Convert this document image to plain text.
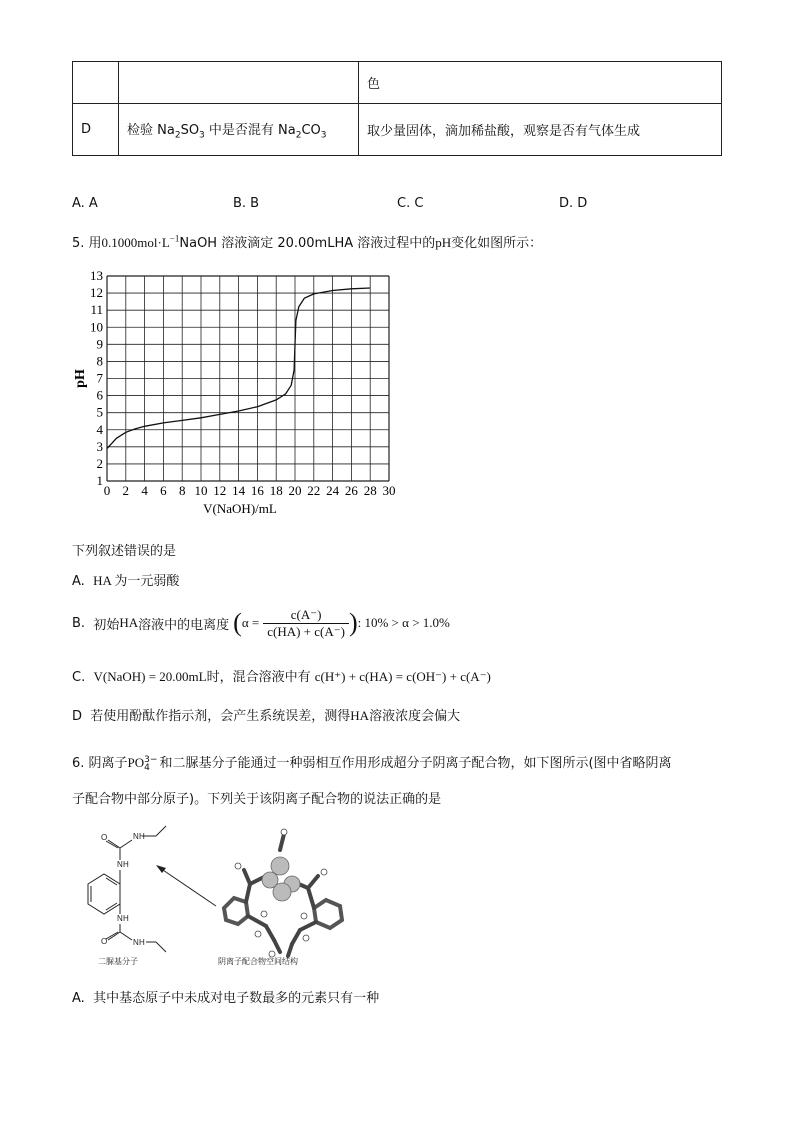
		色
D	检验 $Na_2SO_3$ 中是否混有 $Na_2CO_3$	取少量固体，滴加稀盐酸，观察是否有气体生成
A. A	B. B	C. C	D. D
5. 用$0.1000mol\cdot L^{-1}NaOH$ 溶液滴定 20.00mLHA 溶液过程中的pH变化如图所示：
0 2 4 6 8 10 12 14 16 18 20 22 24 26 28 30
1
2
3
4
5
6
7
8
9
10
11
12
13
pH
V(NaOH)/mL
下列叙述错误的是
A. HA 为一元弱酸
B.
初始 HA 溶液中的电离度 ( $\alpha = \frac{c(A^-)}{c(HA) + c(A^-)}$ ) : 10% > α > 1.0%
C. V(NaOH) = 20.00mL时，混合溶液中有 c(H⁺) + c(HA) = c(OH⁻) + c(A⁻)
D 若使用酚酞作指示剂，会产生系统误差，测得HA溶液浓度会偏大
6. 阴离子PO 3−
4 和二脲基分子能通过一种弱相互作用形成超分子阴离子配合物，如下图所示(图中省略阴离
子配合物中部分原子)。下列关于该阴离子配合物的说法正确的是
O	N H
N H
O	N H
N H
二脲基分子	阴离子配合物空间结构
A. 其中基态原子中未成对电子数最多的元素只有一种
